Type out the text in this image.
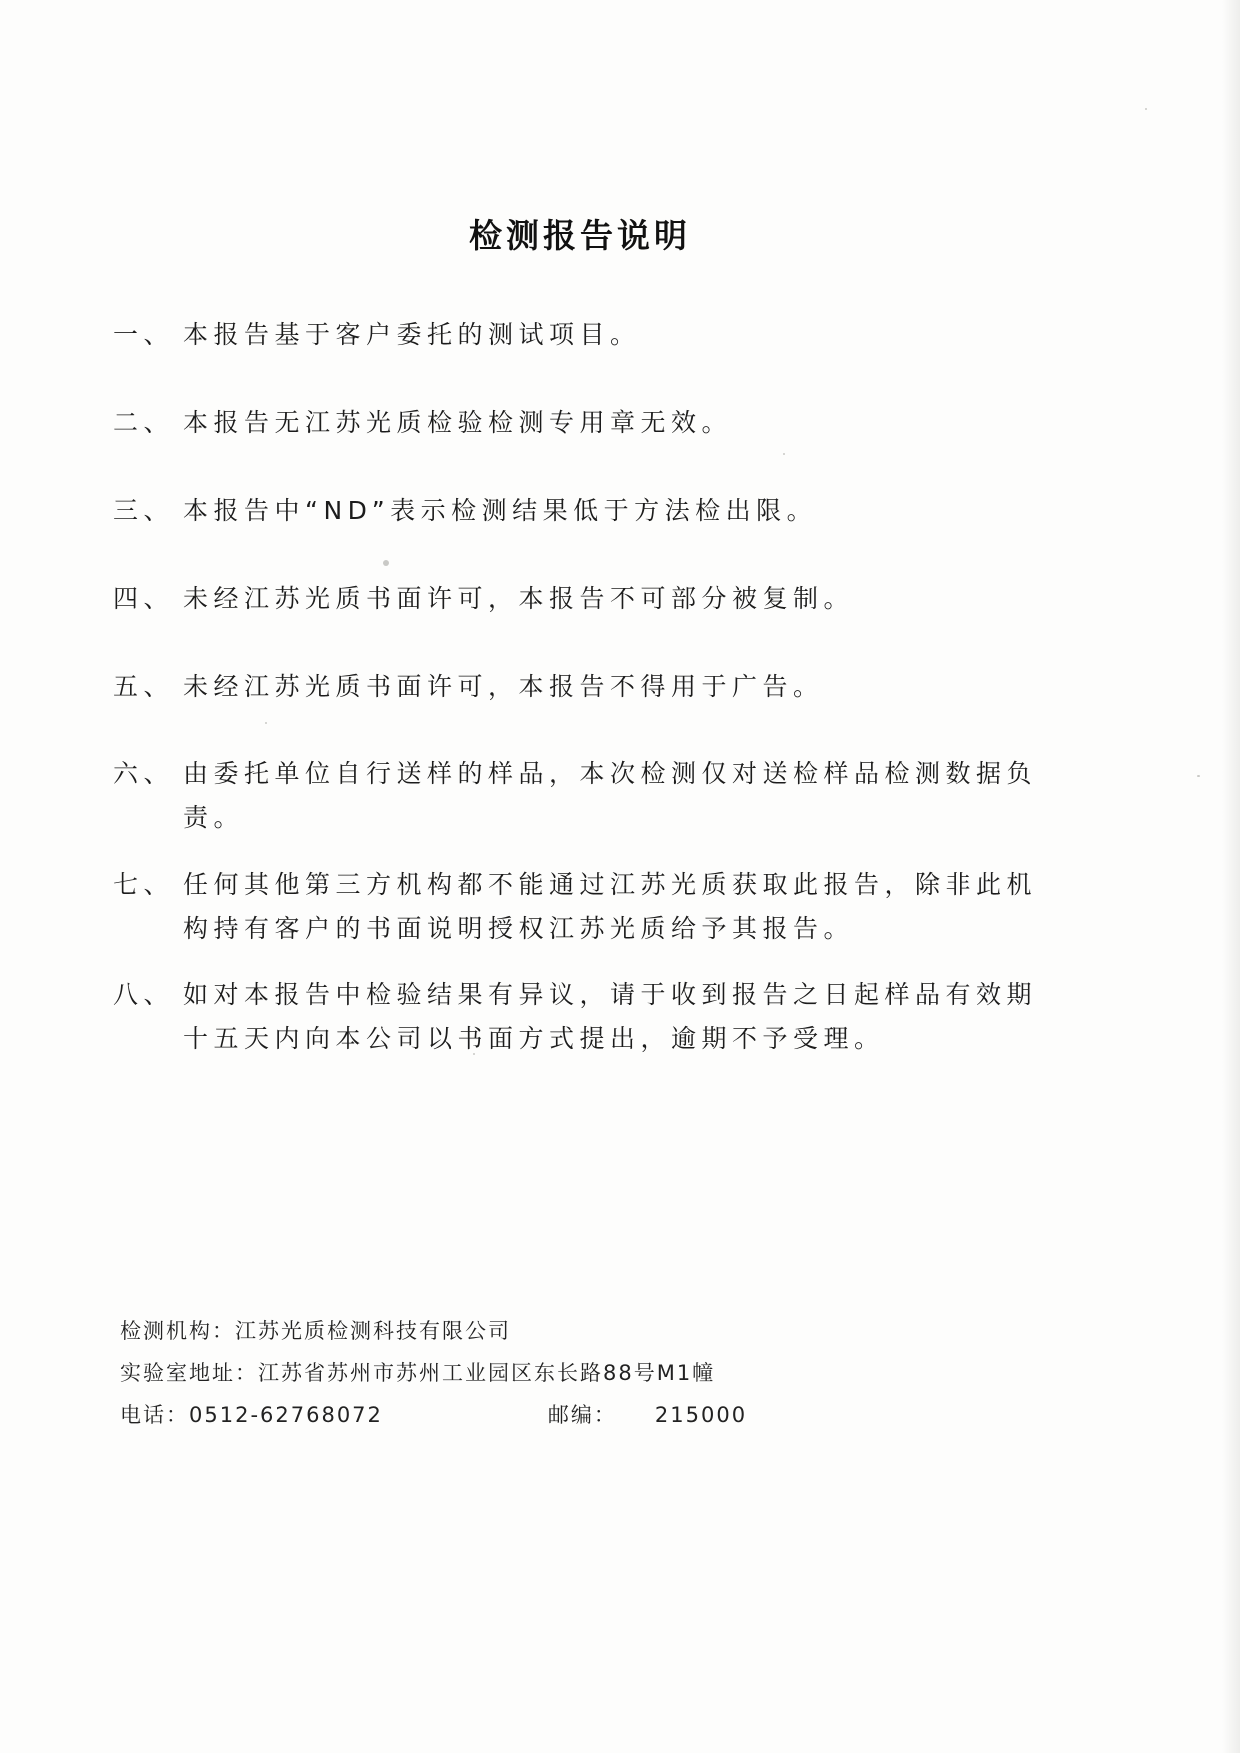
检测报告说明
一、 本报告基于客户委托的测试项目。
二、 本报告无江苏光质检验检测专用章无效。
三、 本报告中“ND”表示检测结果低于方法检出限。
四、 未经江苏光质书面许可，本报告不可部分被复制。
五、 未经江苏光质书面许可，本报告不得用于广告。
六、 由委托单位自行送样的样品，本次检测仅对送检样品检测数据负责。
七、 任何其他第三方机构都不能通过江苏光质获取此报告，除非此机构持有客户的书面说明授权江苏光质给予其报告。
八、 如对本报告中检验结果有异议，请于收到报告之日起样品有效期十五天内向本公司以书面方式提出，逾期不予受理。
检测机构： 江苏光质检测科技有限公司
实验室地址： 江苏省苏州市苏州工业园区东长路88号M1幢
电话： 0512-62768072	邮编： 215000
